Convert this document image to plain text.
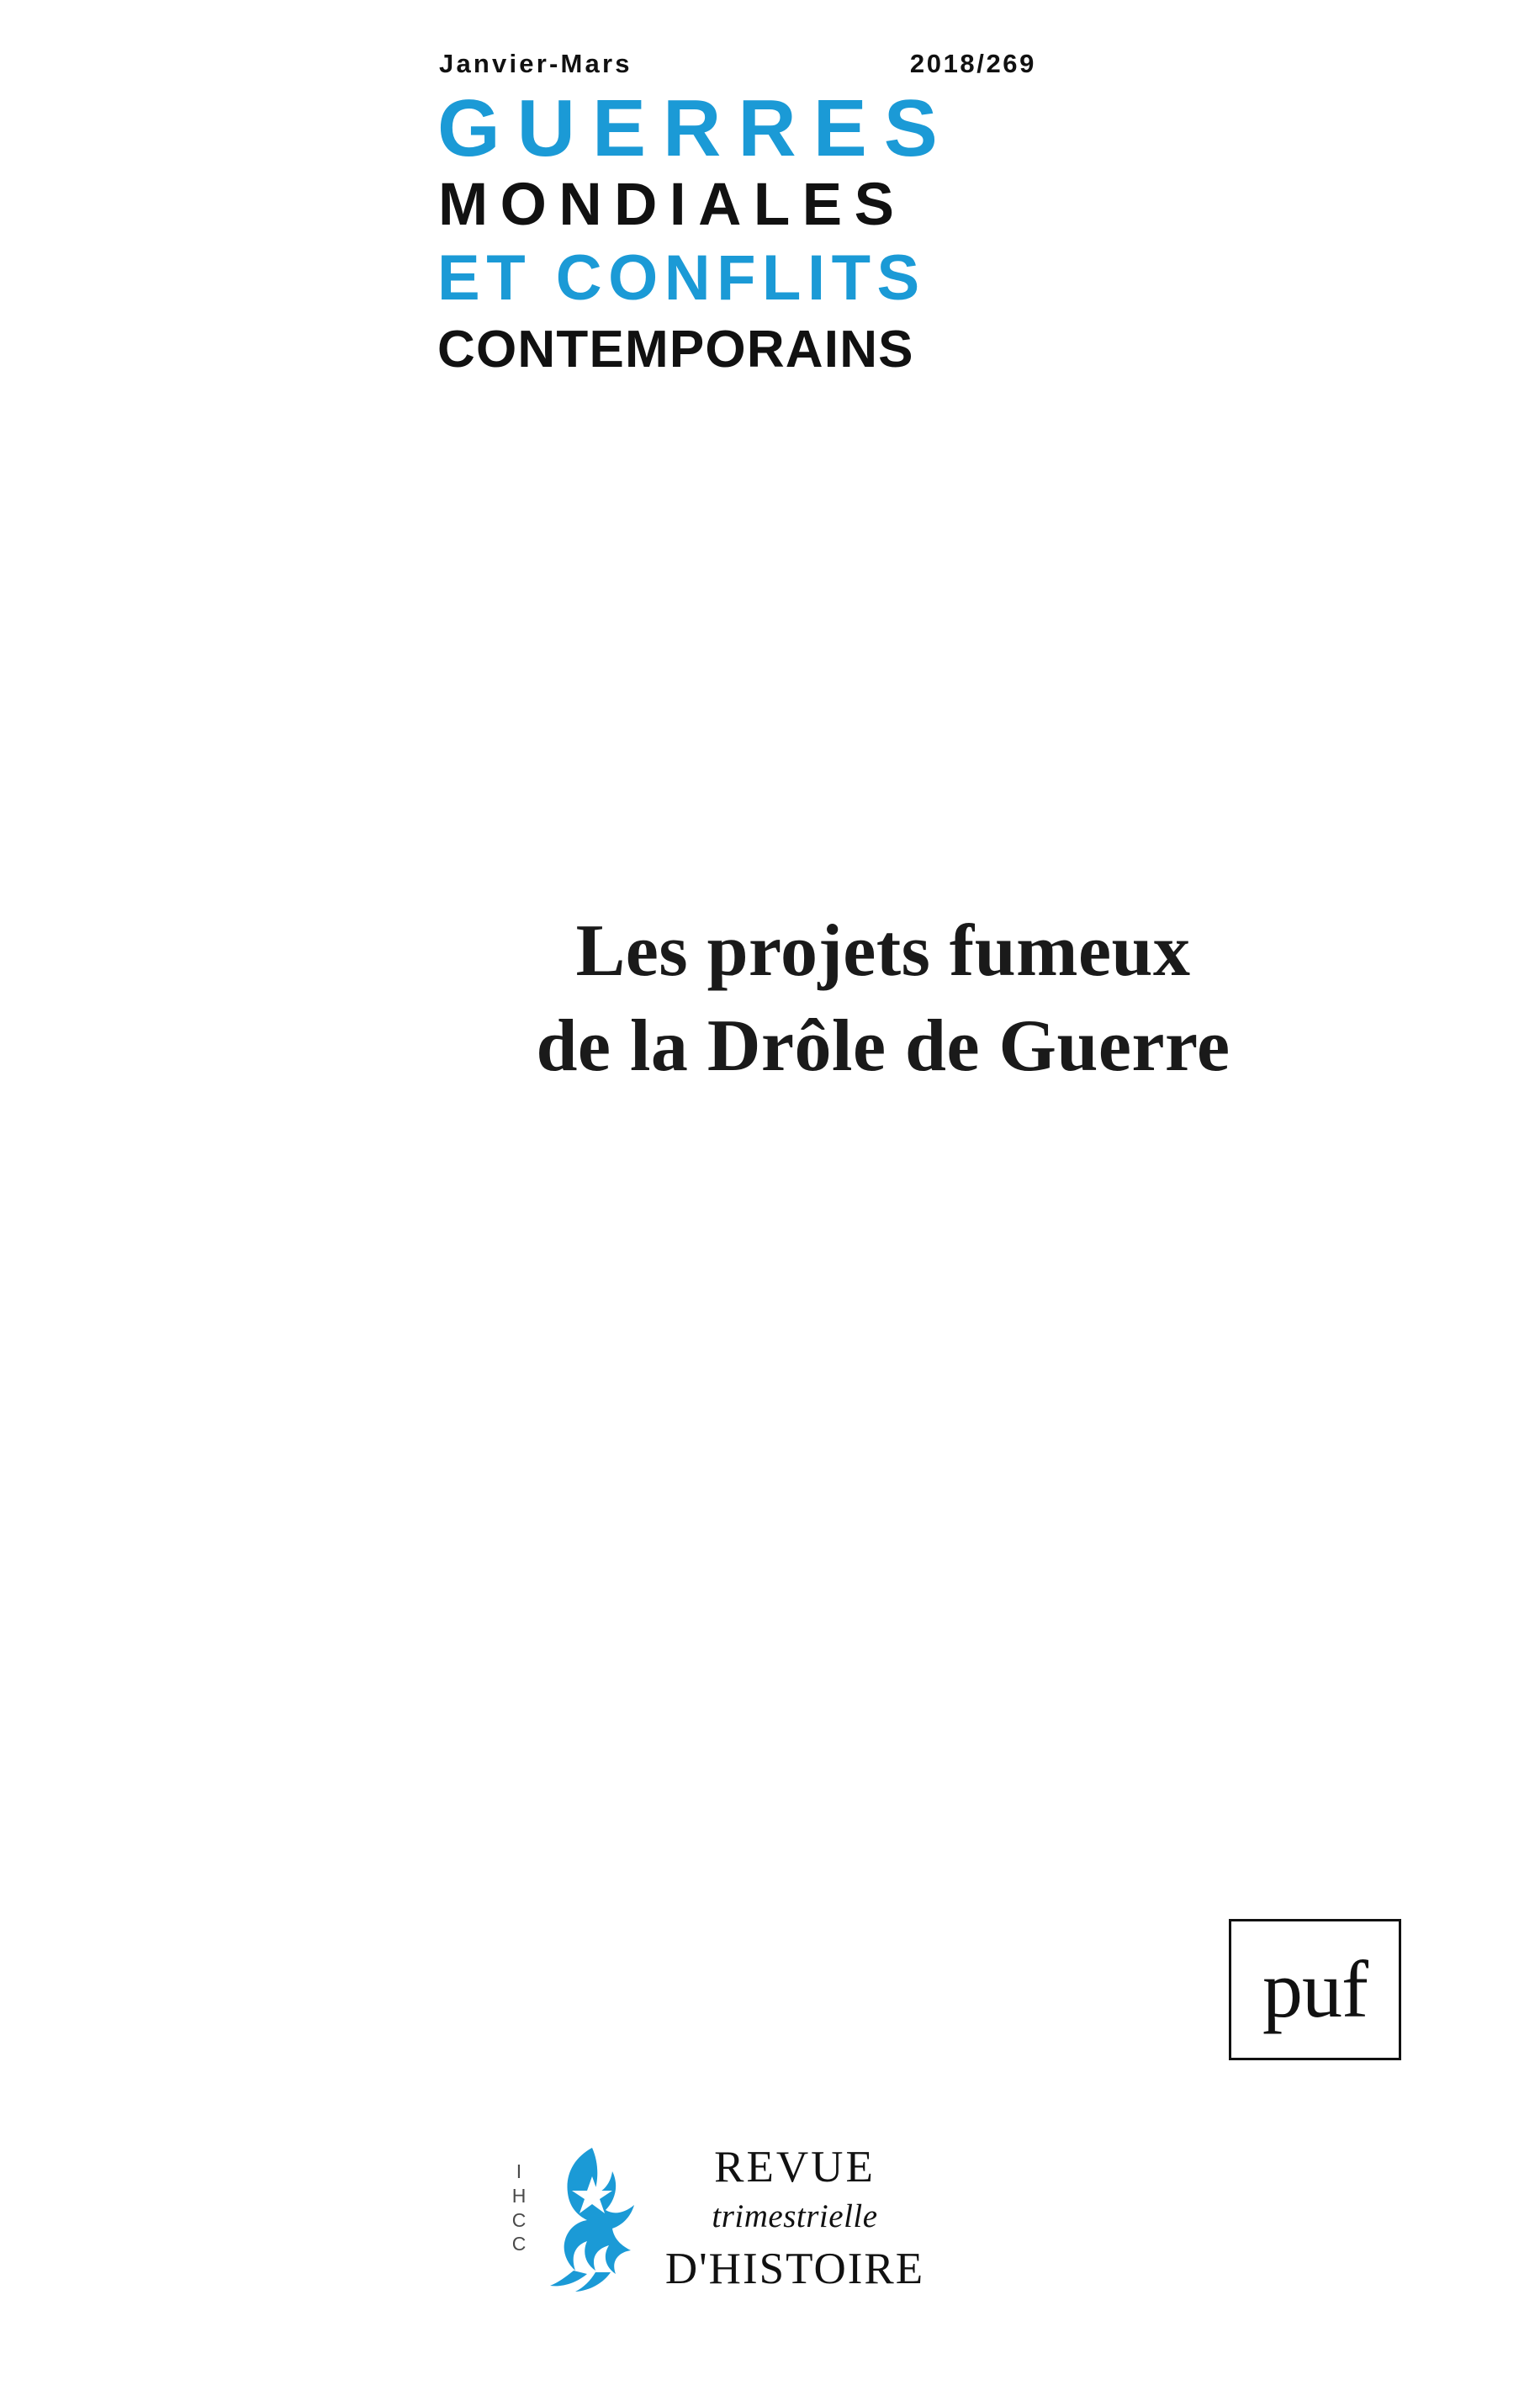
Janvier-Mars	2018/269
GUERRES
MONDIALES
ET CONFLITS
CONTEMPORAINS
Les projets fumeux
de la Drôle de Guerre
puf
I
H
C
C
REVUE
trimestrielle
D'HISTOIRE
